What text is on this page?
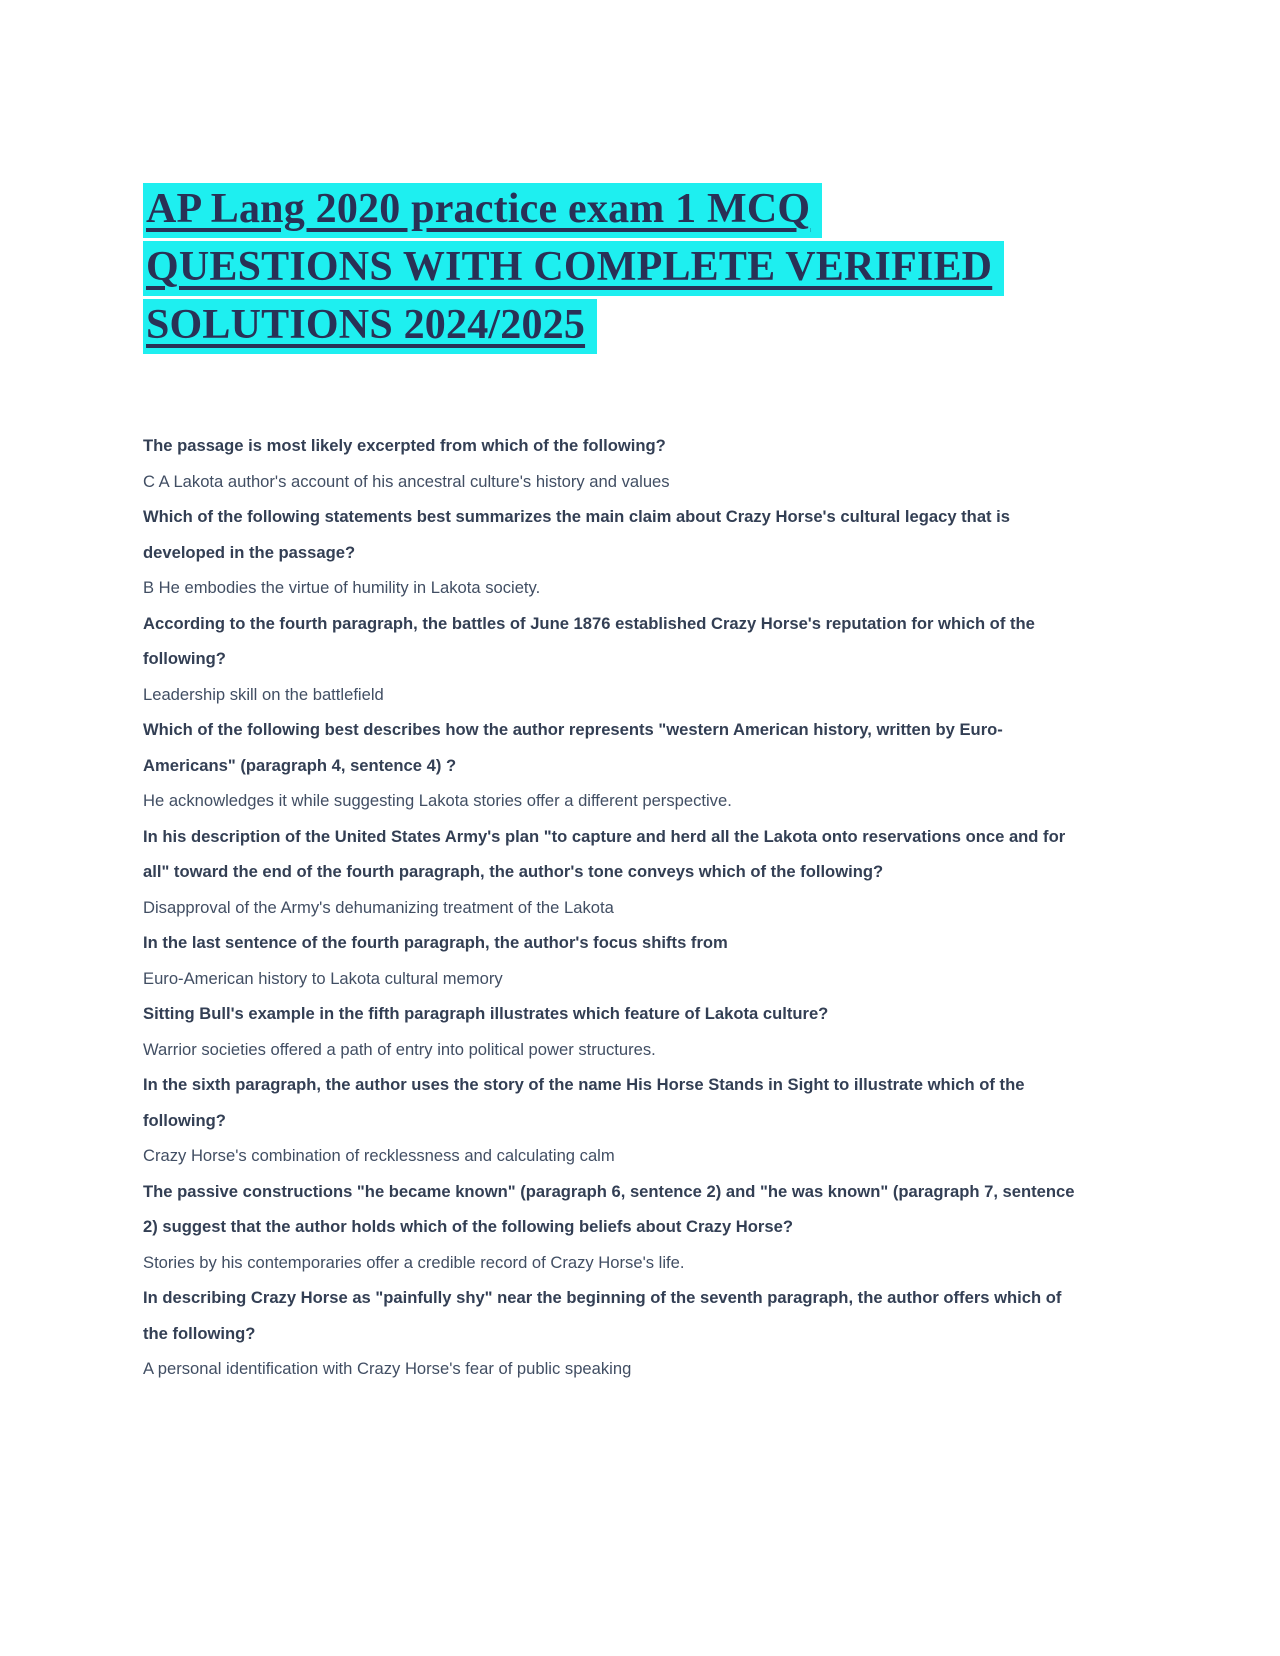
AP Lang 2020 practice exam 1 MCQ
QUESTIONS WITH COMPLETE VERIFIED
SOLUTIONS 2024/2025

The passage is most likely excerpted from which of the following?

C A Lakota author's account of his ancestral culture's history and values

Which of the following statements best summarizes the main claim about Crazy Horse's cultural legacy that is developed in the passage?

B He embodies the virtue of humility in Lakota society.

According to the fourth paragraph, the battles of June 1876 established Crazy Horse's reputation for which of the following?

Leadership skill on the battlefield

Which of the following best describes how the author represents "western American history, written by Euro-Americans" (paragraph 4, sentence 4) ?

He acknowledges it while suggesting Lakota stories offer a different perspective.

In his description of the United States Army's plan "to capture and herd all the Lakota onto reservations once and for all" toward the end of the fourth paragraph, the author's tone conveys which of the following?

Disapproval of the Army's dehumanizing treatment of the Lakota

In the last sentence of the fourth paragraph, the author's focus shifts from

Euro-American history to Lakota cultural memory

Sitting Bull's example in the fifth paragraph illustrates which feature of Lakota culture?

Warrior societies offered a path of entry into political power structures.

In the sixth paragraph, the author uses the story of the name His Horse Stands in Sight to illustrate which of the following?

Crazy Horse's combination of recklessness and calculating calm

The passive constructions "he became known" (paragraph 6, sentence 2) and "he was known" (paragraph 7, sentence 2) suggest that the author holds which of the following beliefs about Crazy Horse?

Stories by his contemporaries offer a credible record of Crazy Horse's life.

In describing Crazy Horse as "painfully shy" near the beginning of the seventh paragraph, the author offers which of the following?

A personal identification with Crazy Horse's fear of public speaking
